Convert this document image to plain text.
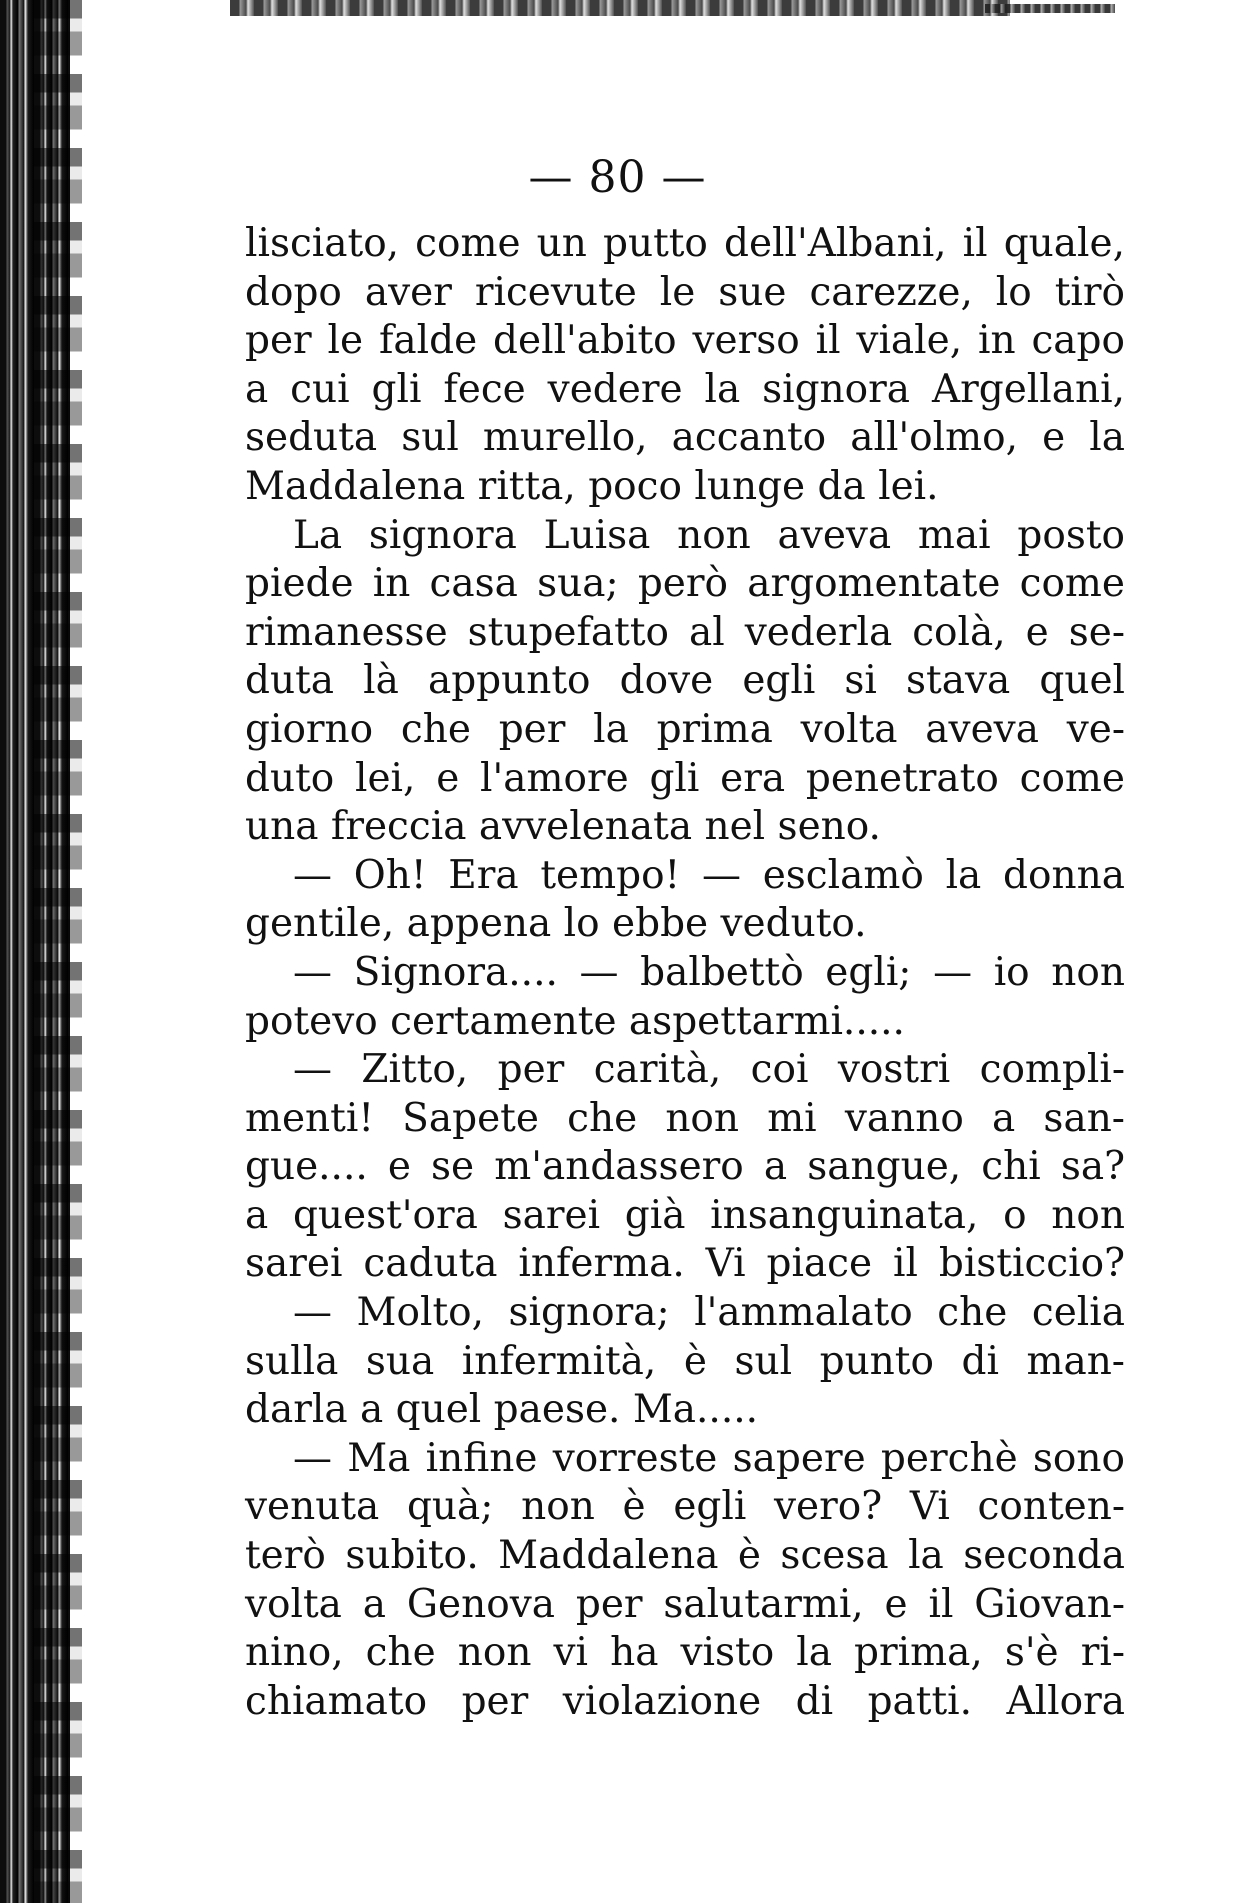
— 80 —
lisciato, come un putto dell'Albani, il quale,
dopo aver ricevute le sue carezze, lo tirò
per le falde dell'abito verso il viale, in capo
a cui gli fece vedere la signora Argellani,
seduta sul murello, accanto all'olmo, e la
Maddalena ritta, poco lunge da lei.
La signora Luisa non aveva mai posto
piede in casa sua; però argomentate come
rimanesse stupefatto al vederla colà, e se-
duta là appunto dove egli si stava quel
giorno che per la prima volta aveva ve-
duto lei, e l'amore gli era penetrato come
una freccia avvelenata nel seno.
— Oh! Era tempo! — esclamò la donna
gentile, appena lo ebbe veduto.
— Signora.... — balbettò egli; — io non
potevo certamente aspettarmi.....
— Zitto, per carità, coi vostri compli-
menti! Sapete che non mi vanno a san-
gue.... e se m'andassero a sangue, chi sa?
a quest'ora sarei già insanguinata, o non
sarei caduta inferma. Vi piace il bisticcio?
— Molto, signora; l'ammalato che celia
sulla sua infermità, è sul punto di man-
darla a quel paese. Ma.....
— Ma infine vorreste sapere perchè sono
venuta quà; non è egli vero? Vi conten-
terò subito. Maddalena è scesa la seconda
volta a Genova per salutarmi, e il Giovan-
nino, che non vi ha visto la prima, s'è ri-
chiamato per violazione di patti. Allora
